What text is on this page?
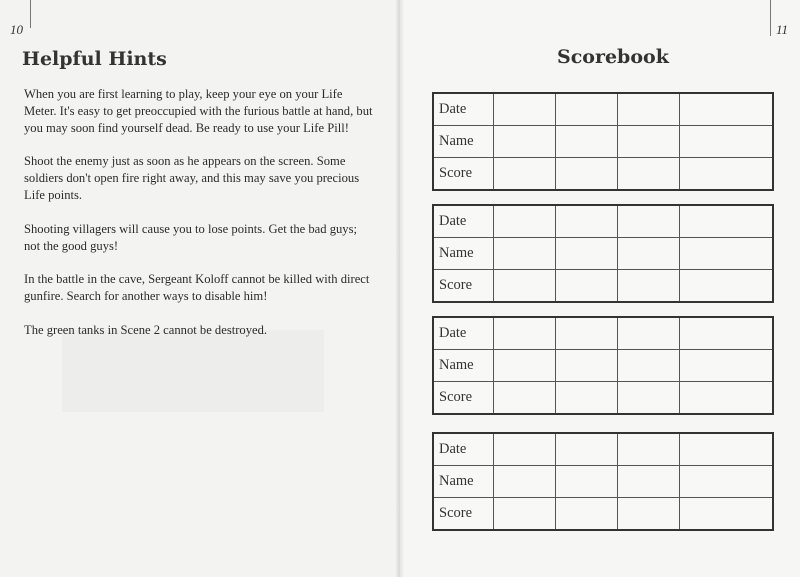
10
Helpful Hints

When you are first learning to play, keep your eye on your Life Meter. It's easy to get preoccupied with the furious battle at hand, but you may soon find yourself dead. Be ready to use your Life Pill!

Shoot the enemy just as soon as he appears on the screen. Some soldiers don't open fire right away, and this may save you precious Life points.

Shooting villagers will cause you to lose points. Get the bad guys; not the good guys!

In the battle in the cave, Sergeant Koloff cannot be killed with direct gunfire. Search for another ways to disable him!

The green tanks in Scene 2 cannot be destroyed.

11
Scorebook
Date				
Name				
Score				
Date				
Name				
Score				
Date				
Name				
Score				
Date				
Name				
Score				
